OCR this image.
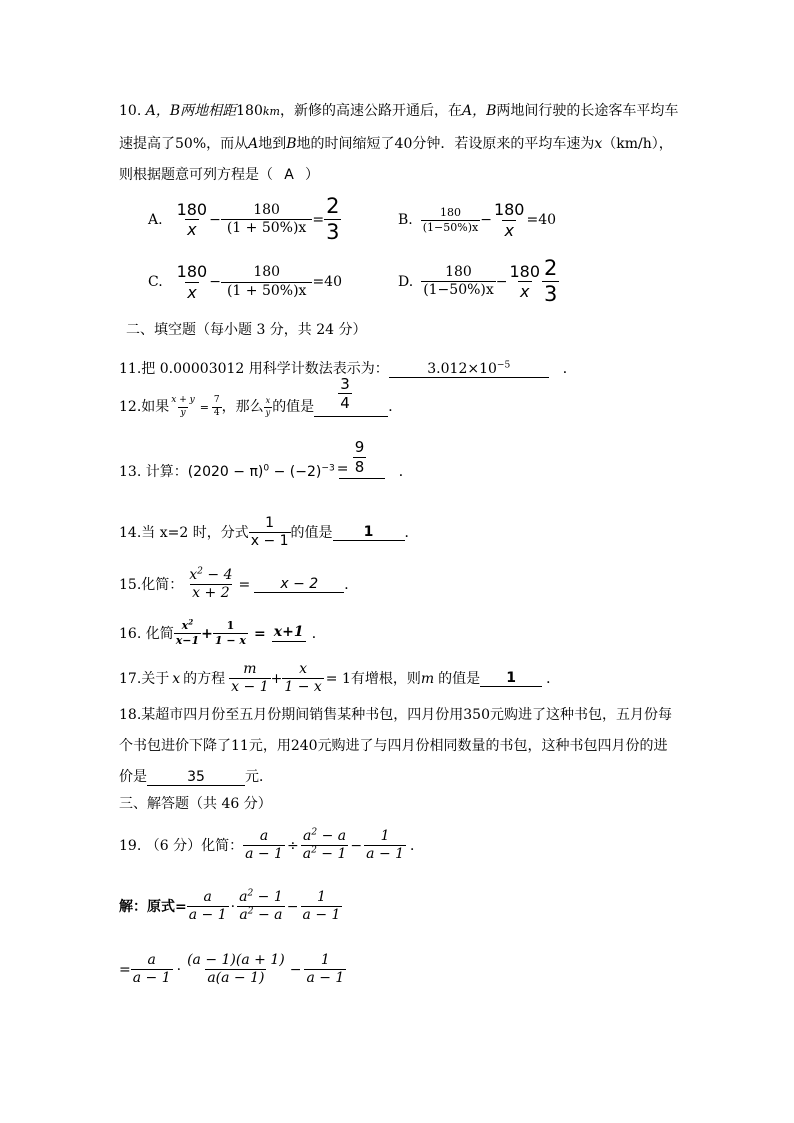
10. A，B两地相距180km，新修的高速公路开通后，在A，B两地间行驶的长途客车平均车
速提高了50%，而从A地到B地的时间缩短了40分钟．若设原来的平均车速为x（km/h），
则根据题意可列方程是（ A ）
A.
180
x
− $\frac{180}{(1 + 50\%)x} = \frac{2}{3}$	B.
180
$(1-50\%)x - \frac{180}{x} =40$
C.
180
x
− $\frac{180}{(1 + 50\%)x} =40$	D.
180
(1−50%)x
− $\frac{180}{x} 2$
3
二、填空题（每小题 3 分，共 24 分）
11.把 0.00003012 用科学计数法表示为：	$3.012\times 10^{-5}$	．
12.如果 $\frac{x + y}{y} = \frac{7}{4}$ ，那么 x
y 的值是
3
4	．
13. 计算： $(2020 - \pi)^0 - (-2)^{-3}$ =
9
8 ．
14.当 x=2 时，分式
1
x − 1
的值是	1	．
15.化简： $\frac{x^2 - 4}{x + 2}$ =	x − 2	．
16. 化简
$x^2$
$x-1 + \frac{1}{1 - x} = x+1$ ．
17.关于 x 的方程
m
x − 1
+ $\frac{x}{1 - x} = 1$ 有增根，则 m 的值是	1	．
18.某超市四月份至五月份期间销售某种书包，四月份用350元购进了这种书包，五月份每
个书包进价下降了11元，用240元购进了与四月份相同数量的书包，这种书包四月份的进
价是	35	元．
三、解答题（共 46 分）
19. （6 分）化简： $\frac{a}{a - 1} \div \frac{a^2 - a}{a^2 - 1} - \frac{1}{a - 1}$ ．
解：原式= $\frac{a}{a - 1}$ ·
$a^2 - 1$
$a^2 - a$
− $\frac{1}{a - 1}$
= $\frac{a}{a - 1}$ ·
(a − 1)(a + 1)
a(a − 1)
− $\frac{1}{a - 1}$
